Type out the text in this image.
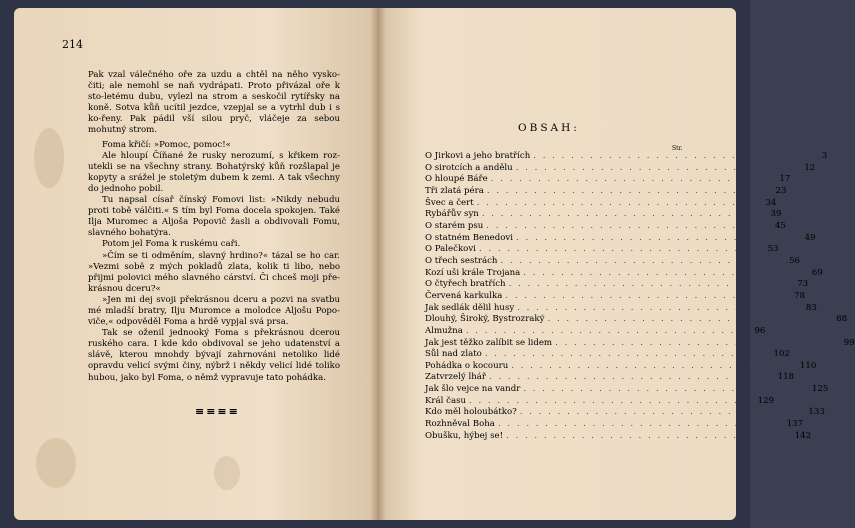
214

Pak vzal válečného oře za uzdu a chtěl na něho vysko-čiti; ale nemohl se naň vydrápati. Proto přivázal oře k sto-letému dubu, vylezl na strom a seskočil rytířsky na koně. Sotva kůň ucítil jezdce, vzepjal se a vytrhl dub i s ko-řeny. Pak pádil vší silou pryč, vláčeje za sebou mohutný strom.

Foma křičí: »Pomoc, pomoc!«

Ale hloupí Číňané že rusky nerozumí, s křikem roz-utekli se na všechny strany. Bohatýrský kůň rozšlapal je kopyty a srážel je stoletým dubem k zemi. A tak všechny do jednoho pobil.

Tu napsal císař čínský Fomovi list: »Nikdy nebudu proti tobě válčiti.« S tím byl Foma docela spokojen. Také Ilja Muromec a Aljoša Popovič žasli a obdivovali Fomu, slavného bohatýra.

Potom jel Foma k ruskému caři.

»Čím se ti odměním, slavný hrdino?« tázal se ho car. »Vezmi sobě z mých pokladů zlata, kolik ti libo, nebo přijmi polovici mého slavného cárství. Či chceš moji pře-krásnou dceru?«

»Jen mi dej svoji překrásnou dceru a pozvi na svatbu mé mladší bratry, Ilju Muromce a molodce Aljošu Popo-viče,« odpověděl Foma a hrdě vypjal svá prsa.

Tak se oženil jednooký Foma s překrásnou dcerou ruského cara. I kde kdo obdivoval se jeho udatenství a slávě, kterou mnohdy bývají zahrnováni netoliko lidé opravdu velicí svými činy, nýbrž i někdy velicí lidé toliko hubou, jako byl Foma, o němž vypravuje tato pohádka.

≡≡≡≡
OBSAH:
Str.
O Jirkovi a jeho bratřích . . . . . . . . . . . . . . . . . . . . . . . . . . . . . . . 3
O sirotcích a andělu . . . . . . . . . . . . . . . . . . . . . . . . . . . . . . . 12
O hloupé Báře . . . . . . . . . . . . . . . . . . . . . . . . . . . . . . . 17
Tři zlatá péra . . . . . . . . . . . . . . . . . . . . . . . . . . . . . . . 23
Švec a čert . . . . . . . . . . . . . . . . . . . . . . . . . . . . . . . 34
Rybářův syn . . . . . . . . . . . . . . . . . . . . . . . . . . . . . . . 39
O starém psu . . . . . . . . . . . . . . . . . . . . . . . . . . . . . . . 45
O statném Benedovi . . . . . . . . . . . . . . . . . . . . . . . . . . . . . . . 49
O Palečkovi . . . . . . . . . . . . . . . . . . . . . . . . . . . . . . . 53
O třech sestrách . . . . . . . . . . . . . . . . . . . . . . . . . . . . . . . 56
Kozí uši krále Trojana . . . . . . . . . . . . . . . . . . . . . . . . . . . . . . . 69
O čtyřech bratřích . . . . . . . . . . . . . . . . . . . . . . . . . . . . . . . 73
Červená karkulka . . . . . . . . . . . . . . . . . . . . . . . . . . . . . . . 78
Jak sedlák dělil husy . . . . . . . . . . . . . . . . . . . . . . . . . . . . . . . 83
Dlouhý, Široký, Bystrozraký . . . . . . . . . . . . . . . . . . . . . . . . . . . . . . . 88
Almužna . . . . . . . . . . . . . . . . . . . . . . . . . . . . . . . 96
Jak jest těžko zalíbit se lidem . . . . . . . . . . . . . . . . . . . . . . . . . . . . . . . 99
Sůl nad zlato . . . . . . . . . . . . . . . . . . . . . . . . . . . . . . . 102
Pohádka o kocouru . . . . . . . . . . . . . . . . . . . . . . . . . . . . . . . 110
Zatvrzelý lhář . . . . . . . . . . . . . . . . . . . . . . . . . . . . . . . 118
Jak šlo vejce na vandr . . . . . . . . . . . . . . . . . . . . . . . . . . . . . . . 125
Král času . . . . . . . . . . . . . . . . . . . . . . . . . . . . . . . 129
Kdo měl holoubátko? . . . . . . . . . . . . . . . . . . . . . . . . . . . . . . . 133
Rozhněval Boha . . . . . . . . . . . . . . . . . . . . . . . . . . . . . . . 137
Obušku, hýbej se! . . . . . . . . . . . . . . . . . . . . . . . . . . . . . . . 142
